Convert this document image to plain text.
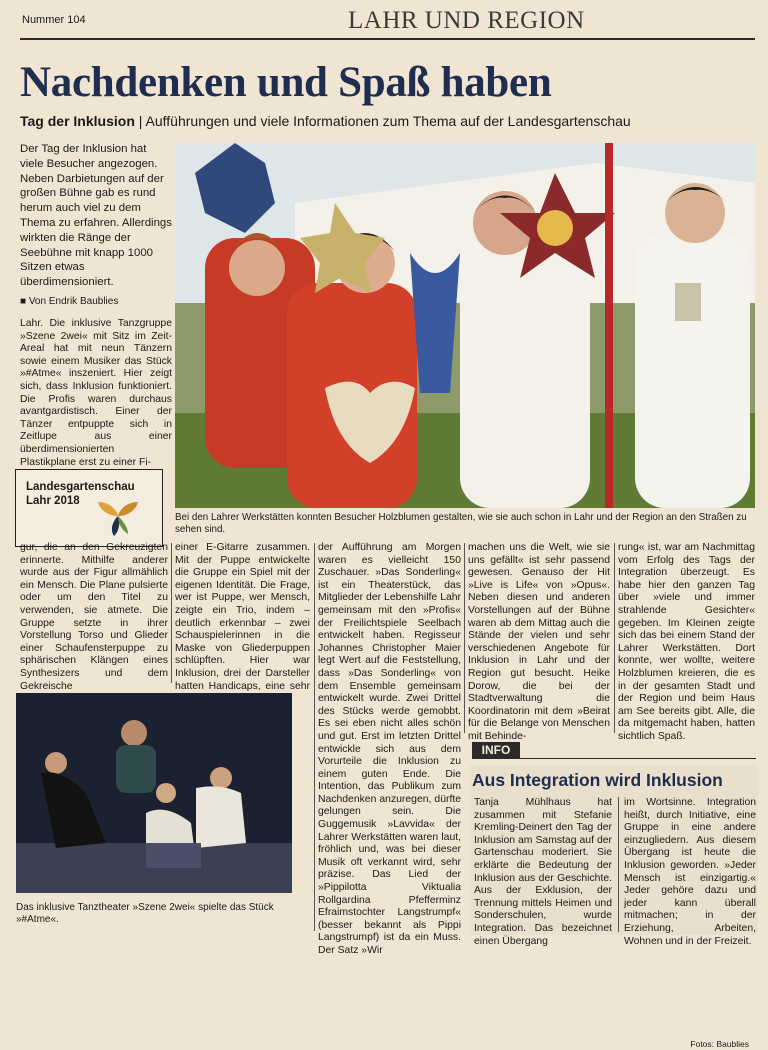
Nummer 104	LAHR UND REGION
Nachdenken und Spaß haben
Tag der Inklusion | Aufführungen und viele Informationen zum Thema auf der Landesgartenschau
Der Tag der Inklusion hat viele Besucher angezogen. Neben Darbietungen auf der großen Bühne gab es rund herum auch viel zu dem Thema zu erfahren. Allerdings wirkten die Ränge der Seebühne mit knapp 1000 Sitzen etwas überdimensioniert.
■ Von Endrik Baublies
Lahr. Die inklusive Tanzgruppe »Szene 2wei« mit Sitz im Zeit-Areal hat mit neun Tänzern sowie einem Musiker das Stück »#Atme« inszeniert. Hier zeigt sich, dass Inklusion funktioniert. Die Profis waren durchaus avantgardistisch. Einer der Tänzer entpuppte sich in Zeitlupe aus einer überdimensionierten Plastikplane erst zu einer Fi-
Landesgartenschau
Lahr 2018
Bei den Lahrer Werkstätten konnten Besucher Holzblumen gestalten, wie sie auch schon in Lahr und der Region an den Straßen zu sehen sind.
Fotos: Baublies
gur, die an den Gekreuzigten erinnerte. Mithilfe anderer wurde aus der Figur allmählich ein Mensch. Die Plane pulsierte oder um den Titel zu verwenden, sie atmete. Die Gruppe setzte in ihrer Vorstellung Torso und Glieder einer Schaufensterpuppe zu sphärischen Klängen eines Synthesizers und dem Gekreische
einer E-Gitarre zusammen. Mit der Puppe entwickelte die Gruppe ein Spiel mit der eigenen Identität. Die Frage, wer ist Puppe, wer Mensch, zeigte ein Trio, indem – deutlich erkennbar – zwei Schauspielerinnen in die Maske von Gliederpuppen schlüpften. Hier war Inklusion, drei der Darsteller hatten Handicaps, eine sehr
der Aufführung am Morgen waren es vielleicht 150 Zuschauer. »Das Sonderling« ist ein Theaterstück, das Mitglieder der Lebenshilfe Lahr gemeinsam mit den »Profis« der Freilichtspiele Seelbach entwickelt haben. Regisseur Johannes Christopher Maier legt Wert auf die Feststellung, dass »Das Sonderling« von dem Ensemble gemeinsam entwickelt wurde. Zwei Drittel des Stücks werde gemobbt. Es sei eben nicht alles schön und gut. Erst im letzten Drittel entwickle sich aus dem Vorurteile die Inklusion zu einem guten Ende. Die Intention, das Publikum zum Nachdenken anzuregen, dürfte gelungen sein. Die Guggemusik »Lavvida« der Lahrer Werkstätten waren laut, fröhlich und, was bei dieser Musik oft verkannt wird, sehr präzise. Das Lied der »Pippilotta Viktualia Rollgardina Pfefferminz Efraimstochter Langstrumpf« (besser bekannt als Pippi Langstrumpf) ist da ein Muss. Der Satz »Wir
machen uns die Welt, wie sie uns gefällt« ist sehr passend gewesen. Genauso der Hit »Live is Life« von »Opus«. Neben diesen und anderen Vorstellungen auf der Bühne waren ab dem Mittag auch die Stände der vielen und sehr verschiedenen Angebote für Inklusion in Lahr und der Region gut besucht. Heike Dorow, die bei der Stadtverwaltung die Koordinatorin mit dem »Beirat für die Belange von Menschen mit Behinde-
rung« ist, war am Nachmittag vom Erfolg des Tags der Integration überzeugt. Es habe hier den ganzen Tag über »viele und immer strahlende Gesichter« gegeben. Im Kleinen zeigte sich das bei einem Stand der Lahrer Werkstätten. Dort konnte, wer wollte, weitere Holzblumen kreieren, die es in der gesamten Stadt und der Region und beim Haus am See bereits gibt. Alle, die da mitgemacht haben, hatten sichtlich Spaß.
Das inklusive Tanztheater »Szene 2wei« spielte das Stück »#Atme«.
INFO
Aus Integration wird Inklusion
Tanja Mühlhaus hat zusammen mit Stefanie Kremling-Deinert den Tag der Inklusion am Samstag auf der Gartenschau moderiert. Sie erklärte die Bedeutung der Inklusion aus der Geschichte. Aus der Exklusion, der Trennung mittels Heimen und Sonderschulen, wurde Integration. Das bezeichnet einen Übergang
im Wortsinne. Integration heißt, durch Initiative, eine Gruppe in eine andere einzugliedern. Aus diesem Übergang ist heute die Inklusion geworden. »Jeder Mensch ist einzigartig.« Jeder gehöre dazu und jeder kann überall mitmachen; in der Erziehung, Arbeiten, Wohnen und in der Freizeit.
